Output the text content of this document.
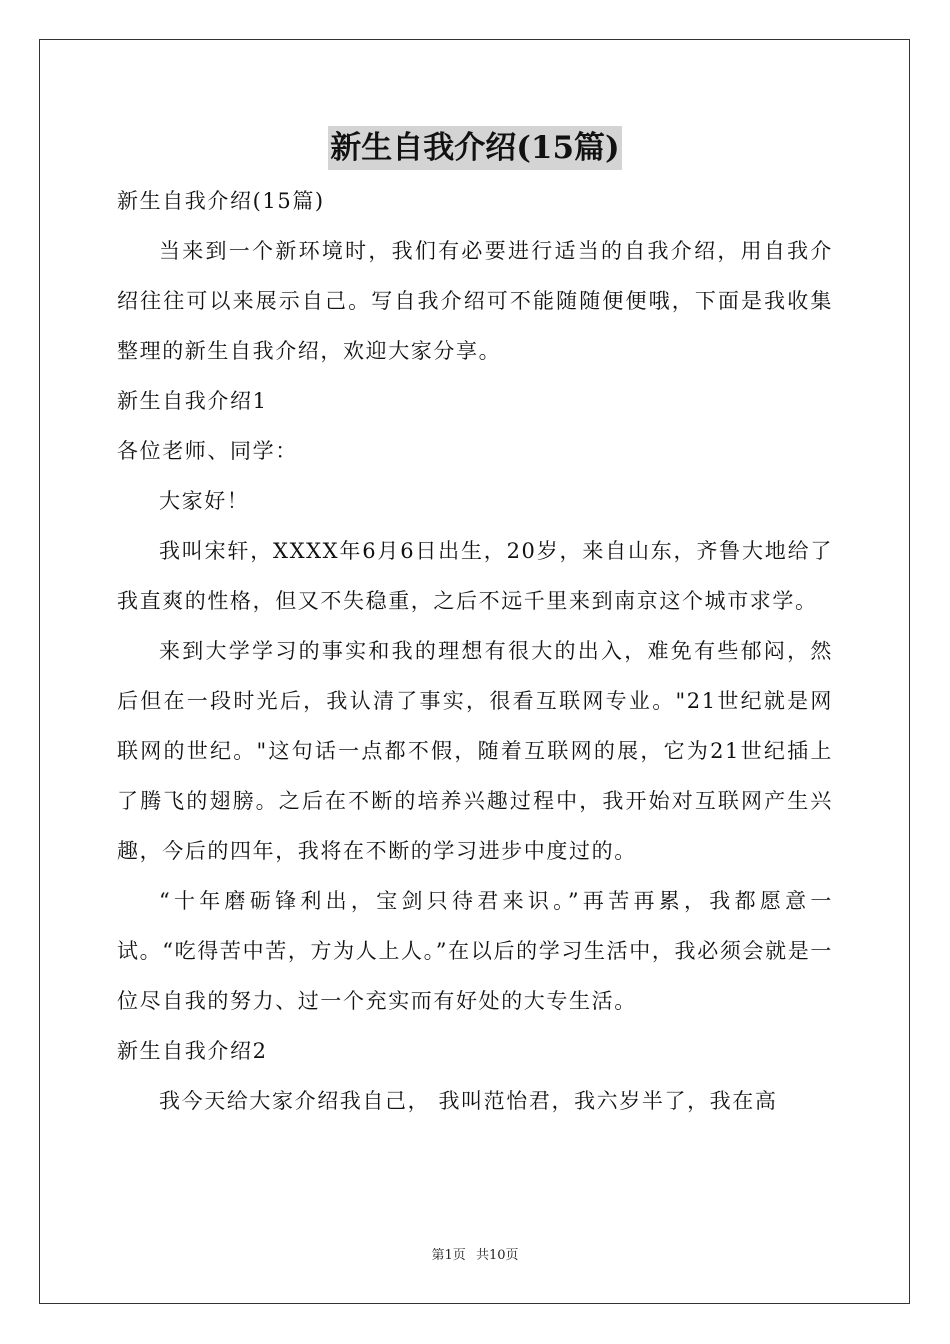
新生自我介绍(15篇)

新生自我介绍(15篇)

当来到一个新环境时，我们有必要进行适当的自我介绍，用自我介绍往往可以来展示自己。写自我介绍可不能随随便便哦，下面是我收集整理的新生自我介绍，欢迎大家分享。

新生自我介绍1

各位老师、同学：

大家好！

我叫宋轩，XXXX年6月6日出生，20岁，来自山东，齐鲁大地给了我直爽的性格，但又不失稳重，之后不远千里来到南京这个城市求学。

来到大学学习的事实和我的理想有很大的出入，难免有些郁闷，然后但在一段时光后，我认清了事实，很看互联网专业。"21世纪就是网联网的世纪。"这句话一点都不假，随着互联网的展，它为21世纪插上了腾飞的翅膀。之后在不断的培养兴趣过程中，我开始对互联网产生兴趣，今后的四年，我将在不断的学习进步中度过的。

“十年磨砺锋利出，宝剑只待君来识。”再苦再累，我都愿意一试。“吃得苦中苦，方为人上人。”在以后的学习生活中，我必须会就是一位尽自我的努力、过一个充实而有好处的大专生活。

新生自我介绍2

我今天给大家介绍我自己， 我叫范怡君，我六岁半了，我在高

第1页 共10页
